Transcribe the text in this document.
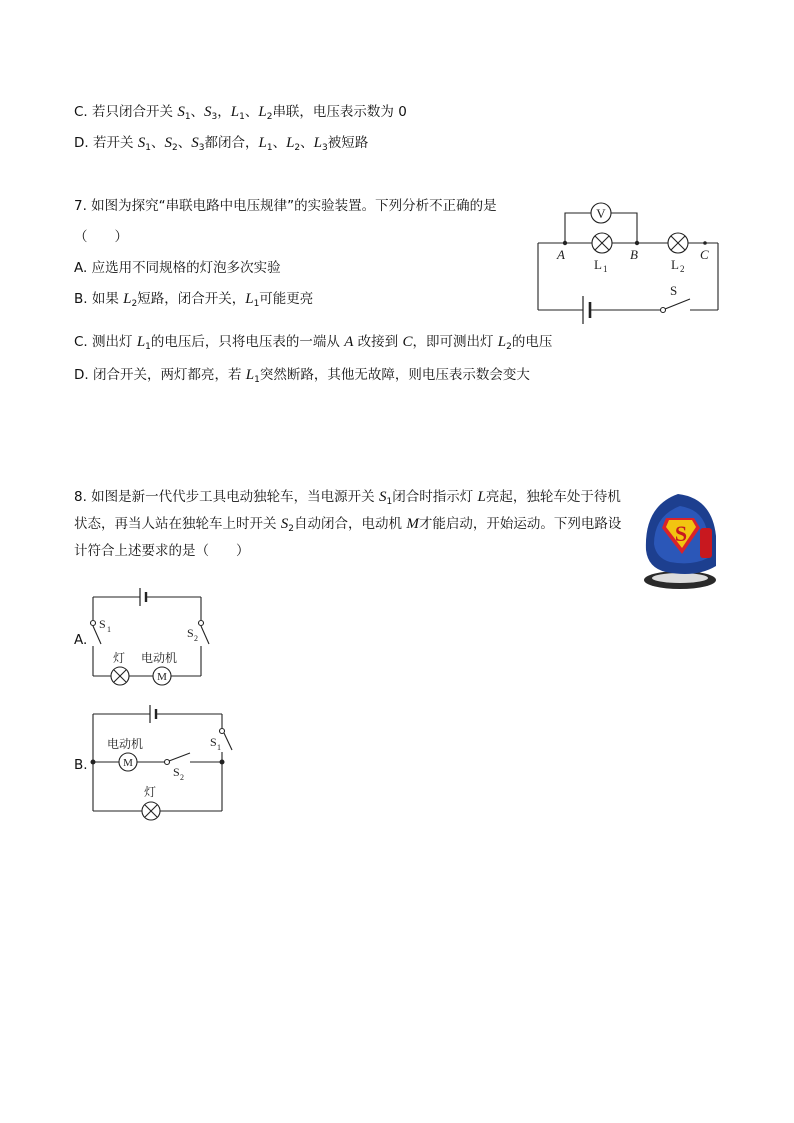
C. 若只闭合开关 $S_1$、$S_3$，$L_1$、$L_2$串联，电压表示数为 0
D. 若开关 $S_1$、$S_2$、$S_3$都闭合，$L_1$、$L_2$、$L_3$被短路
7. 如图为探究“串联电路中电压规律”的实验装置。下列分析不正确的是
（　　）
A. 应选用不同规格的灯泡多次实验
B. 如果 $L_2$短路，闭合开关，$L_1$可能更亮
C. 测出灯 $L_1$的电压后，只将电压表的一端从 A 改接到 C，即可测出灯 $L_2$的电压
D. 闭合开关，两灯都亮，若 $L_1$突然断路，其他无故障，则电压表示数会变大
V
A	B	C
L 1	L 2
S
8. 如图是新一代代步工具电动独轮车，当电源开关 $S_1$闭合时指示灯 L亮起，独轮车处于待机状态，再当人站在独轮车上时开关 $S_2$自动闭合，电动机 M才能启动，开始运动。下列电路设计符合上述要求的是（　　）
S
A.
S 1	S 2
灯 电动机
M
B.
电动机
M
S 2
S 1
灯
